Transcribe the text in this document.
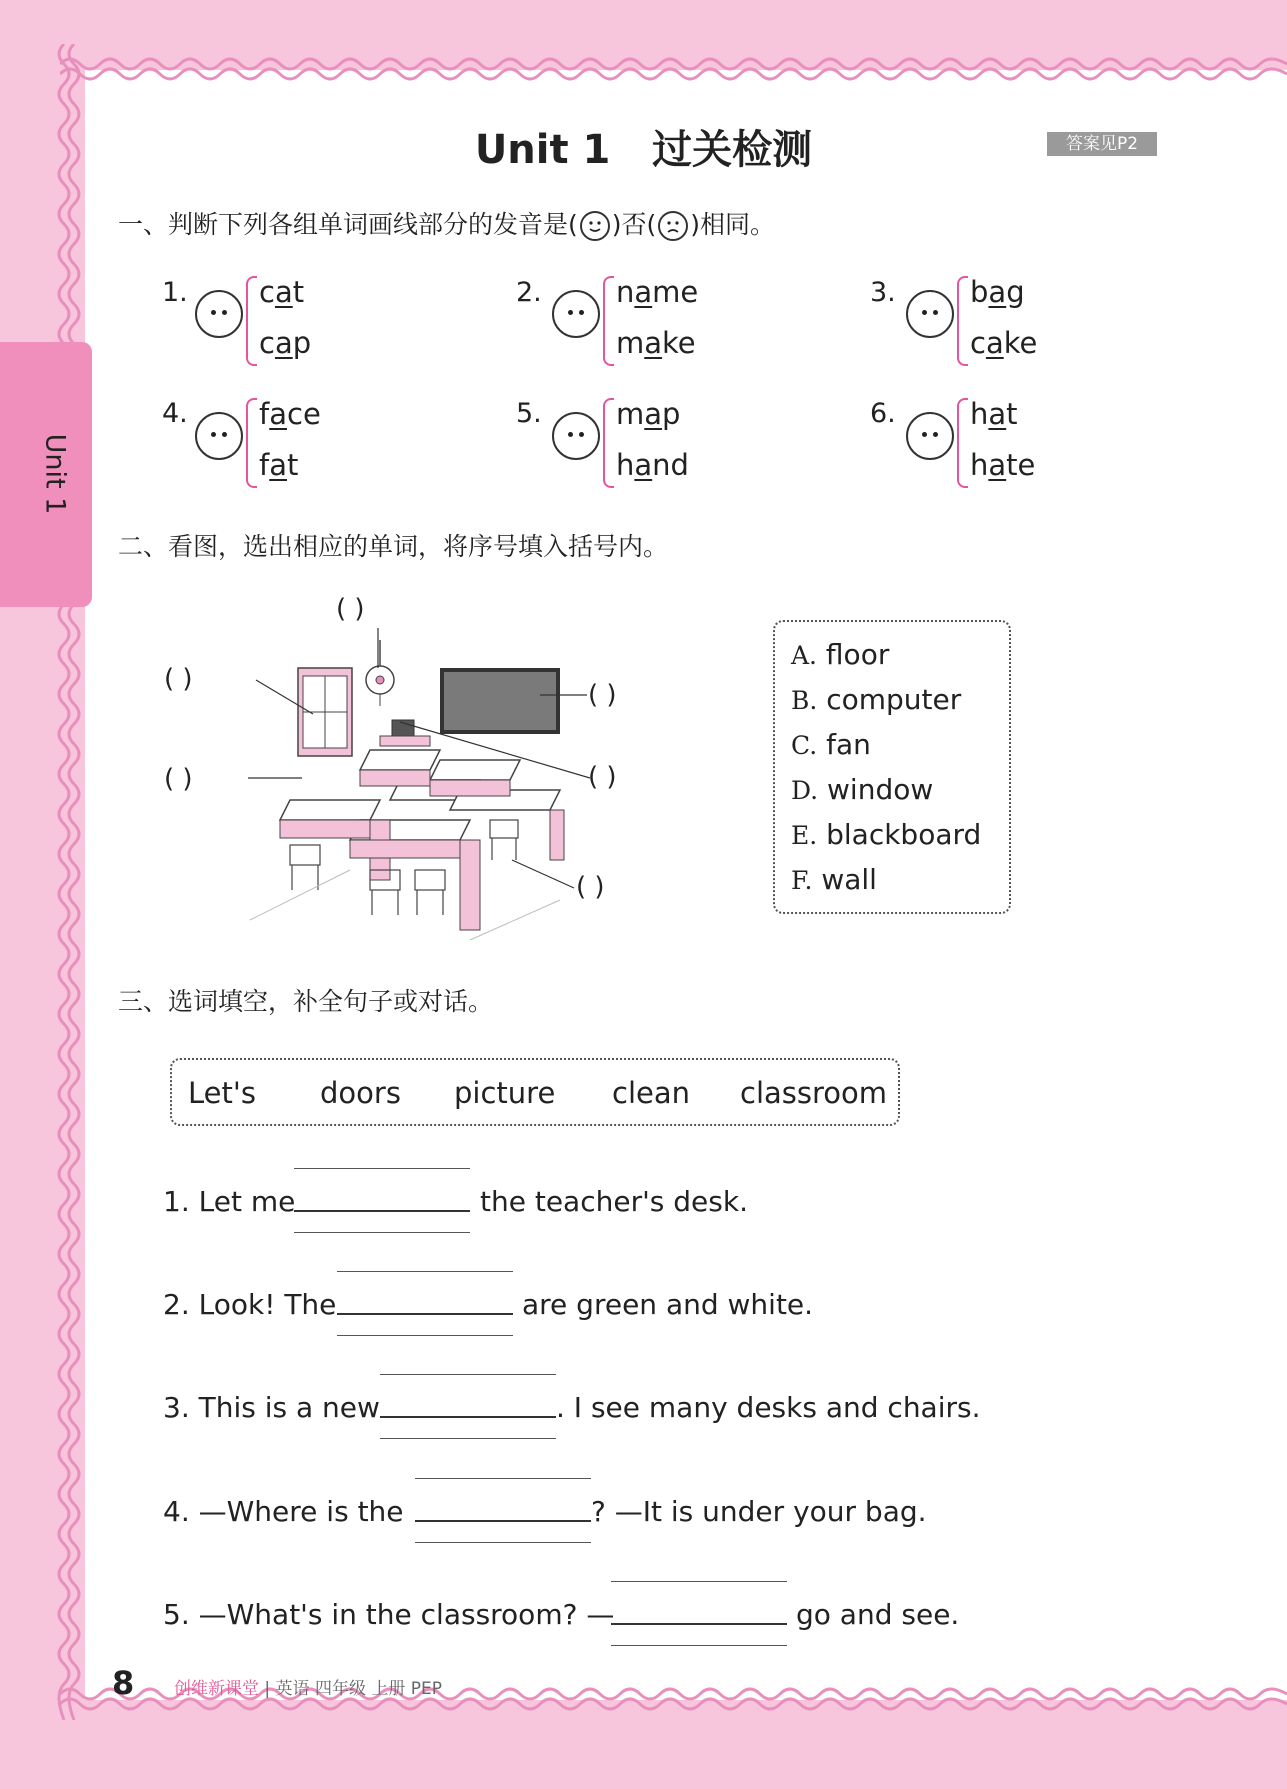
Unit 1
Unit 1   过关检测	答案见P2
一、判断下列各组单词画线部分的发音是( )否( )相同。
1. cat
cap
2.	name
make
3.	bag
cake
4. face
fat
5.	map
hand
6.	hat
hate
二、看图，选出相应的单词，将序号填入括号内。
( )
( )
( )
( )	( )
( )
A. floor
B. computer
C. fan
D. window
E. blackboard
F. wall
三、选词填空，补全句子或对话。
Let's doors picture clean classroom
1. Let me	the teacher's desk.
2. Look! The	are green and white.
3. This is a new	. I see many desks and chairs.
4. —Where is the	? —It is under your bag.
5. —What's in the classroom? —	go and see.
8 创维新课堂 | 英语 四年级 上册 PEP
